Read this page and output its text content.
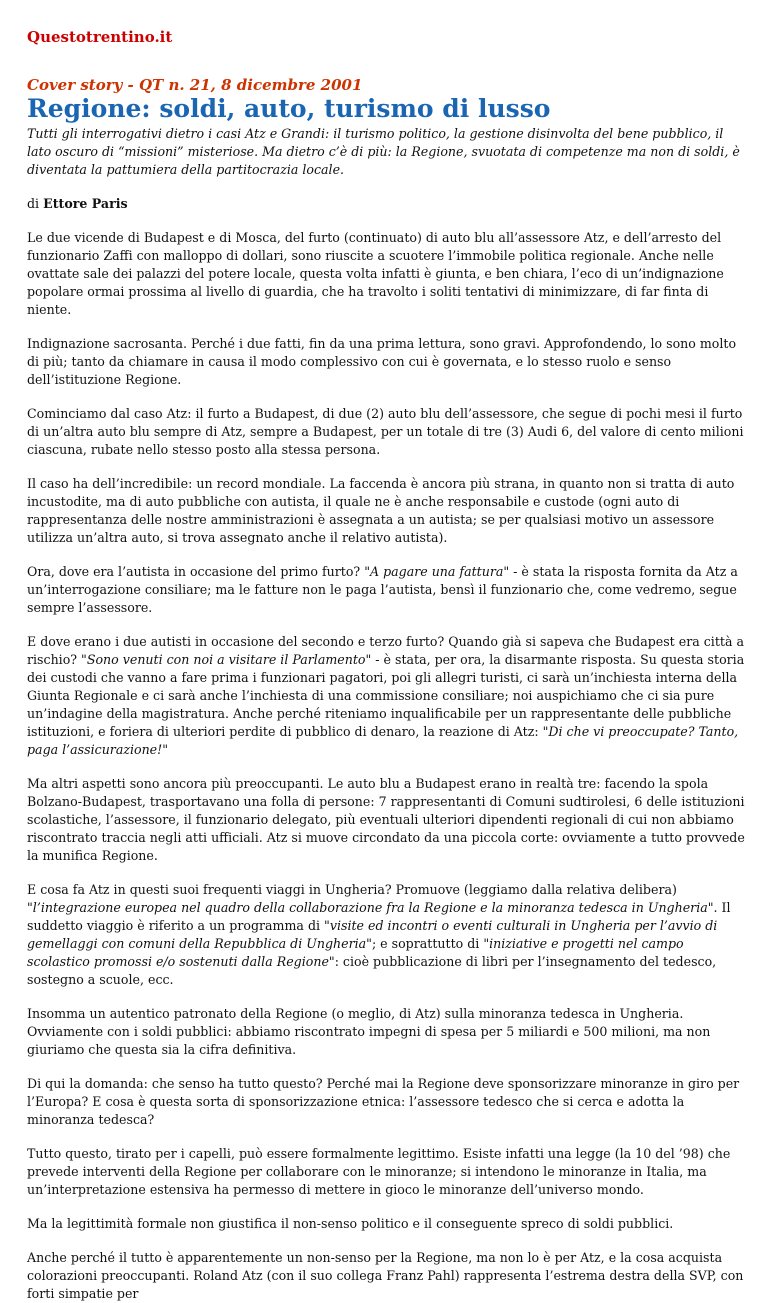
Questotrentino.it
Cover story - QT n. 21, 8 dicembre 2001
Regione: soldi, auto, turismo di lusso

Tutti gli interrogativi dietro i casi Atz e Grandi: il turismo politico, la gestione disinvolta del bene pubblico, il lato oscuro di “missioni” misteriose. Ma dietro c’è di più: la Regione, svuotata di competenze ma non di soldi, è diventata la pattumiera della partitocrazia locale.

di Ettore Paris

Le due vicende di Budapest e di Mosca, del furto (continuato) di auto blu all’assessore Atz, e dell’arresto del funzionario Zaffi con malloppo di dollari, sono riuscite a scuotere l’immobile politica regionale. Anche nelle ovattate sale dei palazzi del potere locale, questa volta infatti è giunta, e ben chiara, l’eco di un’indignazione popolare ormai prossima al livello di guardia, che ha travolto i soliti tentativi di minimizzare, di far finta di niente.

Indignazione sacrosanta. Perché i due fatti, fin da una prima lettura, sono gravi. Approfondendo, lo sono molto di più; tanto da chiamare in causa il modo complessivo con cui è governata, e lo stesso ruolo e senso dell’istituzione Regione.

Cominciamo dal caso Atz: il furto a Budapest, di due (2) auto blu dell’assessore, che segue di pochi mesi il furto di un’altra auto blu sempre di Atz, sempre a Budapest, per un totale di tre (3) Audi 6, del valore di cento milioni ciascuna, rubate nello stesso posto alla stessa persona.

Il caso ha dell’incredibile: un record mondiale. La faccenda è ancora più strana, in quanto non si tratta di auto incustodite, ma di auto pubbliche con autista, il quale ne è anche responsabile e custode (ogni auto di rappresentanza delle nostre amministrazioni è assegnata a un autista; se per qualsiasi motivo un assessore utilizza un’altra auto, si trova assegnato anche il relativo autista).

Ora, dove era l’autista in occasione del primo furto? "A pagare una fattura" - è stata la risposta fornita da Atz a un’interrogazione consiliare; ma le fatture non le paga l’autista, bensì il funzionario che, come vedremo, segue sempre l’assessore.

E dove erano i due autisti in occasione del secondo e terzo furto? Quando già si sapeva che Budapest era città a rischio? "Sono venuti con noi a visitare il Parlamento" - è stata, per ora, la disarmante risposta. Su questa storia dei custodi che vanno a fare prima i funzionari pagatori, poi gli allegri turisti, ci sarà un’inchiesta interna della Giunta Regionale e ci sarà anche l’inchiesta di una commissione consiliare; noi auspichiamo che ci sia pure un’indagine della magistratura. Anche perché riteniamo inqualificabile per un rappresentante delle pubbliche istituzioni, e foriera di ulteriori perdite di pubblico di denaro, la reazione di Atz: "Di che vi preoccupate? Tanto, paga l’assicurazione!"

Ma altri aspetti sono ancora più preoccupanti. Le auto blu a Budapest erano in realtà tre: facendo la spola Bolzano-Budapest, trasportavano una folla di persone: 7 rappresentanti di Comuni sudtirolesi, 6 delle istituzioni scolastiche, l’assessore, il funzionario delegato, più eventuali ulteriori dipendenti regionali di cui non abbiamo riscontrato traccia negli atti ufficiali. Atz si muove circondato da una piccola corte: ovviamente a tutto provvede la munifica Regione.

E cosa fa Atz in questi suoi frequenti viaggi in Ungheria? Promuove (leggiamo dalla relativa delibera) "l’integrazione europea nel quadro della collaborazione fra la Regione e la minoranza tedesca in Ungheria". Il suddetto viaggio è riferito a un programma di "visite ed incontri o eventi culturali in Ungheria per l’avvio di gemellaggi con comuni della Repubblica di Ungheria"; e soprattutto di "iniziative e progetti nel campo scolastico promossi e/o sostenuti dalla Regione": cioè pubblicazione di libri per l’insegnamento del tedesco, sostegno a scuole, ecc.

Insomma un autentico patronato della Regione (o meglio, di Atz) sulla minoranza tedesca in Ungheria. Ovviamente con i soldi pubblici: abbiamo riscontrato impegni di spesa per 5 miliardi e 500 milioni, ma non giuriamo che questa sia la cifra definitiva.

Di qui la domanda: che senso ha tutto questo? Perché mai la Regione deve sponsorizzare minoranze in giro per l’Europa? E cosa è questa sorta di sponsorizzazione etnica: l’assessore tedesco che si cerca e adotta la minoranza tedesca?

Tutto questo, tirato per i capelli, può essere formalmente legittimo. Esiste infatti una legge (la 10 del ’98) che prevede interventi della Regione per collaborare con le minoranze; si intendono le minoranze in Italia, ma un’interpretazione estensiva ha permesso di mettere in gioco le minoranze dell’universo mondo.

Ma la legittimità formale non giustifica il non-senso politico e il conseguente spreco di soldi pubblici.

Anche perché il tutto è apparentemente un non-senso per la Regione, ma non lo è per Atz, e la cosa acquista colorazioni preoccupanti. Roland Atz (con il suo collega Franz Pahl) rappresenta l’estrema destra della SVP, con forti simpatie per
